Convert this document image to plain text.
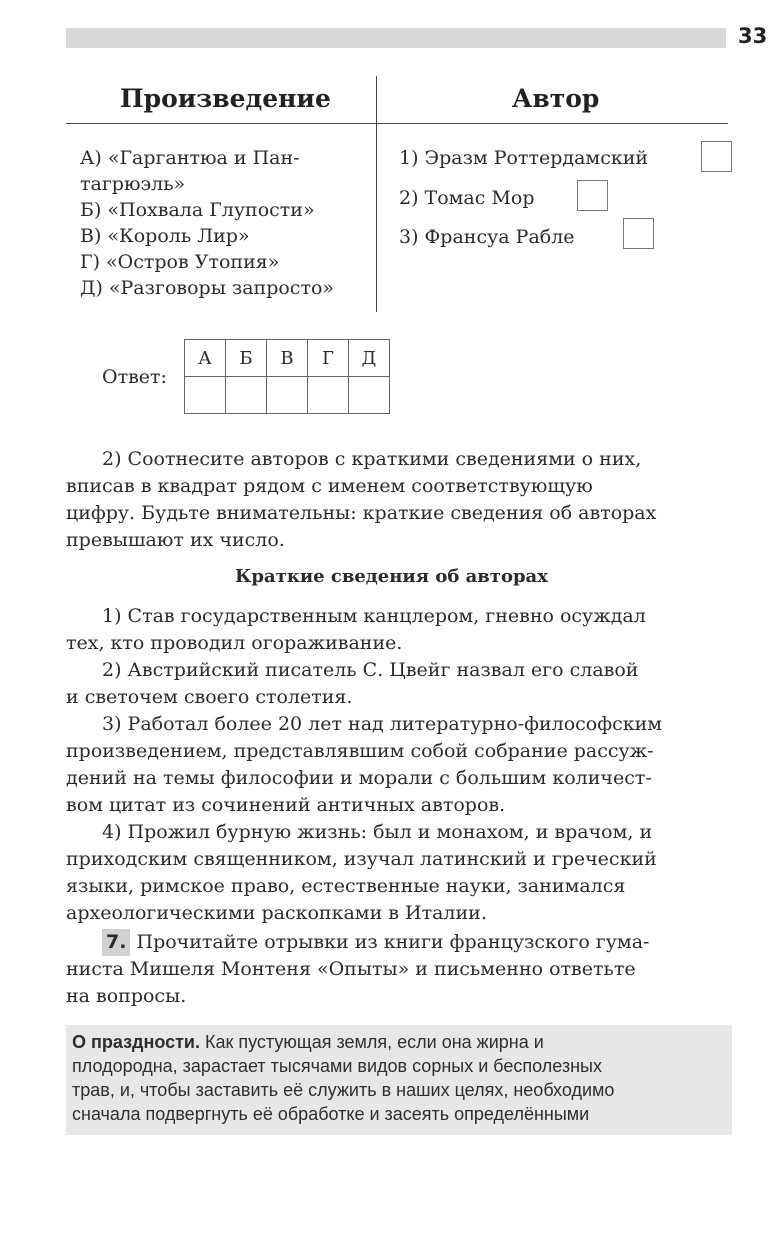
33
Произведение	Автор
А) «Гаргантюа и Пан-
тагрюэль»
Б) «Похвала Глупости»
В) «Король Лир»
Г) «Остров Утопия»
Д) «Разговоры запросто»
1) Эразм Роттердамский
2) Томас Мор
3) Франсуа Рабле
Ответ:
А	Б	В	Г	Д

2) Соотнесите авторов с краткими сведениями о них,
вписав в квадрат рядом с именем соответствующую
цифру. Будьте внимательны: краткие сведения об авторах
превышают их число.
Краткие сведения об авторах
1) Став государственным канцлером, гневно осуждал
тех, кто проводил огораживание.
2) Австрийский писатель С. Цвейг назвал его славой
и светочем своего столетия.
3) Работал более 20 лет над литературно-философским
произведением, представлявшим собой собрание рассуж-
дений на темы философии и морали с большим количест-
вом цитат из сочинений античных авторов.
4) Прожил бурную жизнь: был и монахом, и врачом, и
приходским священником, изучал латинский и греческий
языки, римское право, естественные науки, занимался
археологическими раскопками в Италии.
7. Прочитайте отрывки из книги французского гума-
ниста Мишеля Монтеня «Опыты» и письменно ответьте
на вопросы.
О праздности. Как пустующая земля, если она жирна и
плодородна, зарастает тысячами видов сорных и бесполезных
трав, и, чтобы заставить её служить в наших целях, необходимо
сначала подвергнуть её обработке и засеять определёнными
